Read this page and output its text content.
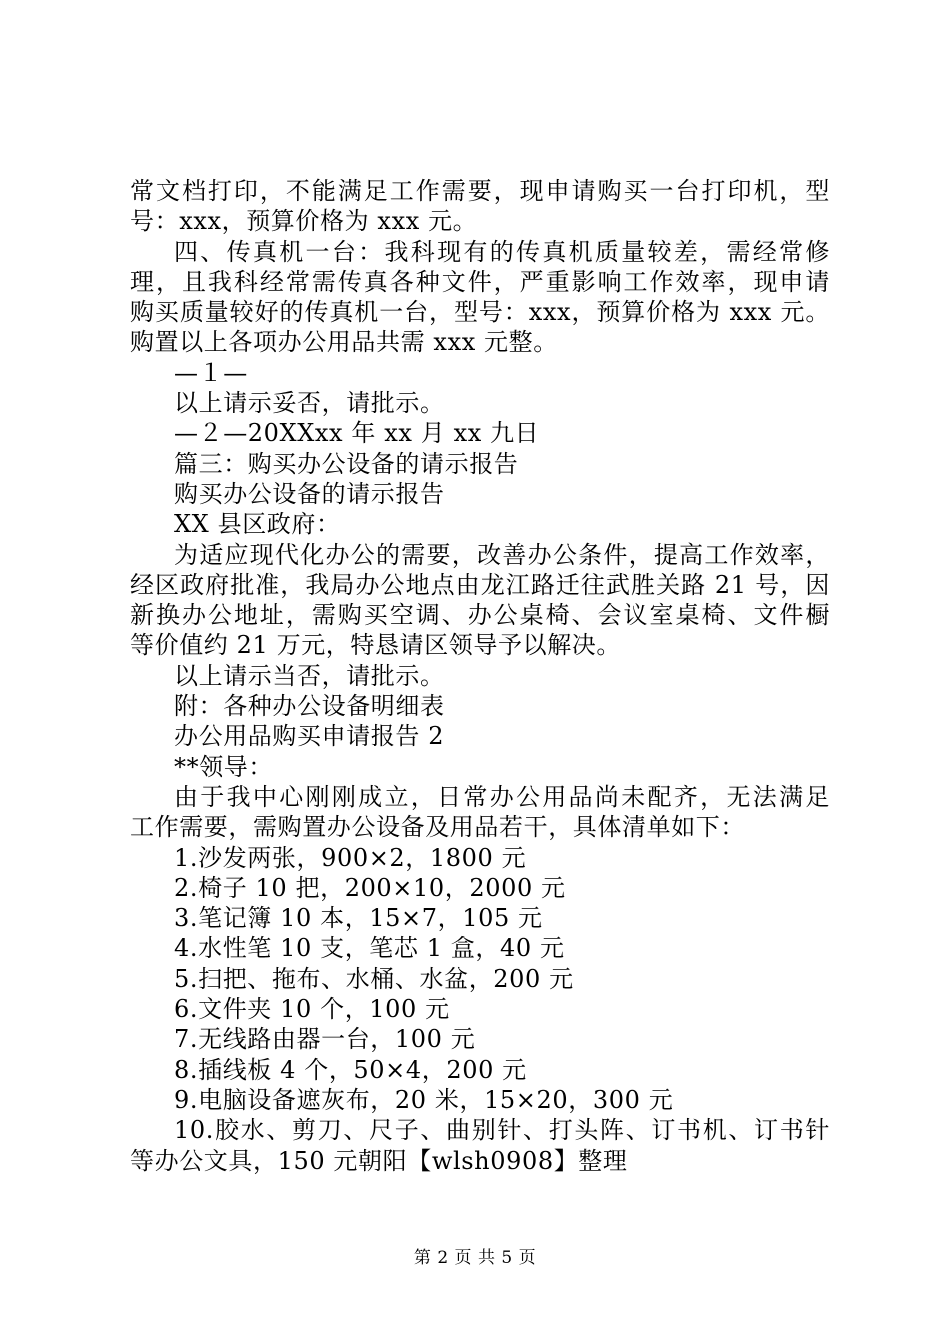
常文档打印，不能满足工作需要，现申请购买一台打印机，型
号：xxx，预算价格为 xxx 元。
四、传真机一台：我科现有的传真机质量较差，需经常修
理，且我科经常需传真各种文件，严重影响工作效率，现申请
购买质量较好的传真机一台，型号：xxx，预算价格为 xxx 元。
购置以上各项办公用品共需 xxx 元整。
—１—
以上请示妥否，请批示。
—２—20XXxx 年 xx 月 xx 九日
篇三：购买办公设备的请示报告
购买办公设备的请示报告
XX 县区政府：
为适应现代化办公的需要，改善办公条件，提高工作效率，
经区政府批准，我局办公地点由龙江路迁往武胜关路 21 号，因
新换办公地址，需购买空调、办公桌椅、会议室桌椅、文件橱
等价值约 21 万元，特恳请区领导予以解决。
以上请示当否，请批示。
附：各种办公设备明细表
办公用品购买申请报告 2
**领导：
由于我中心刚刚成立，日常办公用品尚未配齐，无法满足
工作需要，需购置办公设备及用品若干，具体清单如下：
1.沙发两张，900×2，1800 元
2.椅子 10 把，200×10，2000 元
3.笔记簿 10 本，15×7，105 元
4.水性笔 10 支，笔芯 1 盒，40 元
5.扫把、拖布、水桶、水盆，200 元
6.文件夹 10 个，100 元
7.无线路由器一台，100 元
8.插线板 4 个，50×4，200 元
9.电脑设备遮灰布，20 米，15×20，300 元
10.胶水、剪刀、尺子、曲别针、打头阵、订书机、订书针
等办公文具，150 元朝阳【wlsh0908】整理
第 2 页 共 5 页
